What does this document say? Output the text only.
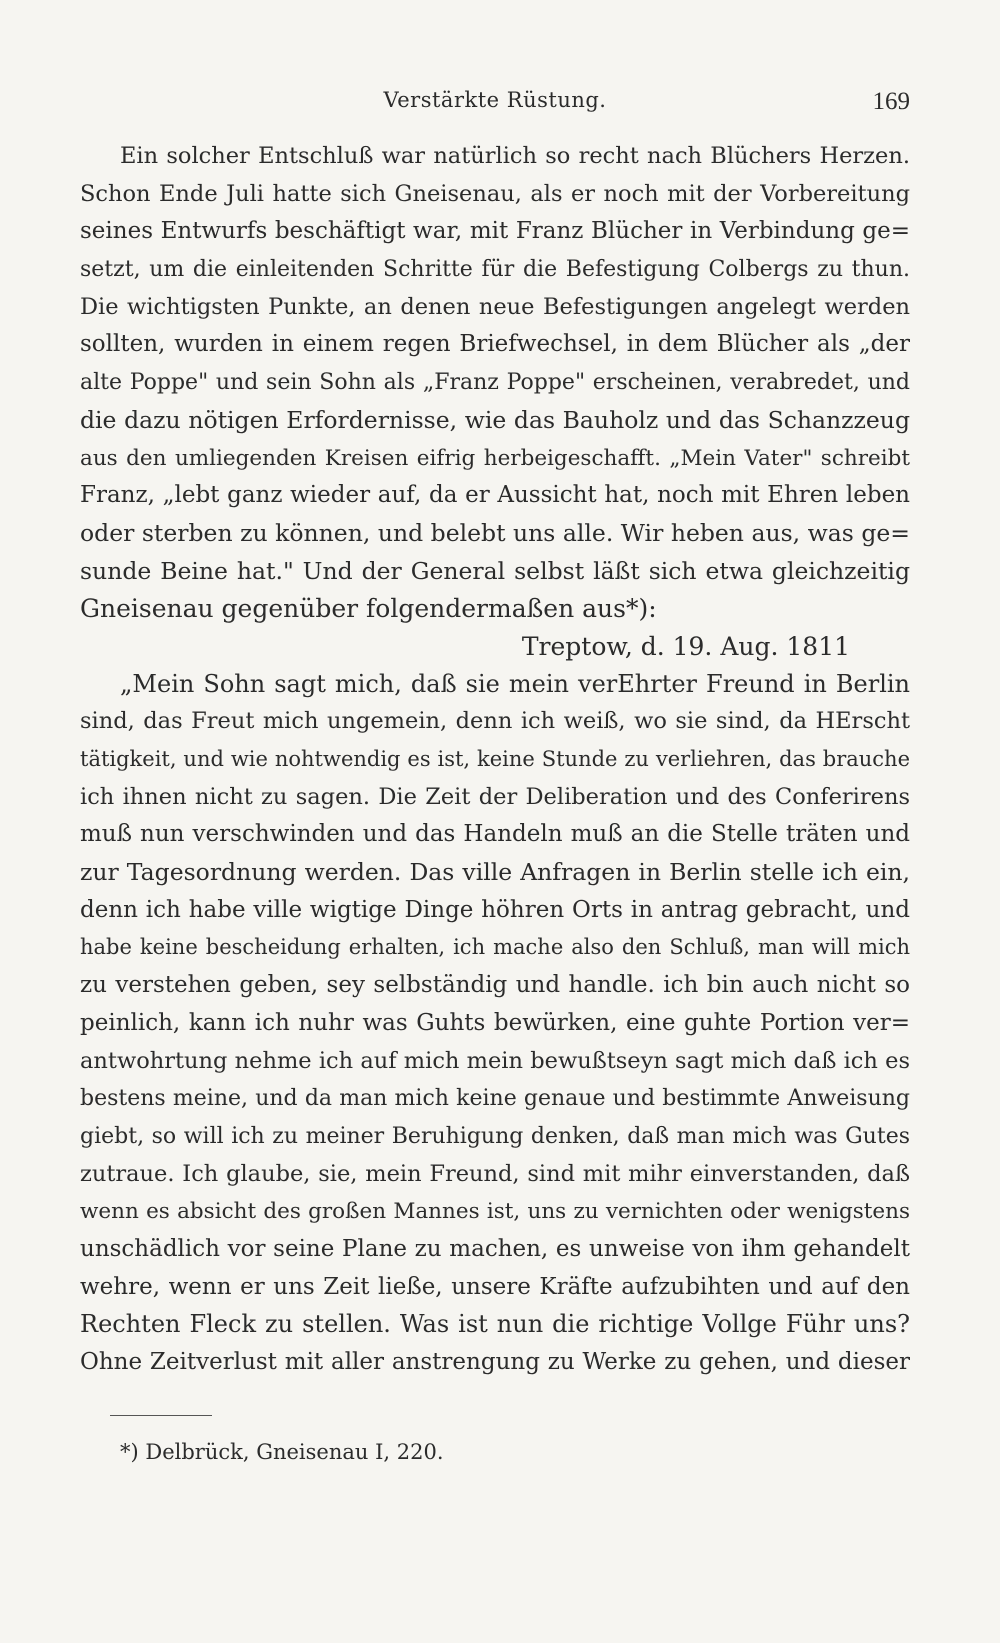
Verstärkte Rüstung.	169
Ein solcher Entschluß war natürlich so recht nach Blüchers Herzen.
Schon Ende Juli hatte sich Gneisenau, als er noch mit der Vorbereitung
seines Entwurfs beschäftigt war, mit Franz Blücher in Verbindung ge=
setzt, um die einleitenden Schritte für die Befestigung Colbergs zu thun.
Die wichtigsten Punkte, an denen neue Befestigungen angelegt werden
sollten, wurden in einem regen Briefwechsel, in dem Blücher als „der
alte Poppe" und sein Sohn als „Franz Poppe" erscheinen, verabredet, und
die dazu nötigen Erfordernisse, wie das Bauholz und das Schanzzeug
aus den umliegenden Kreisen eifrig herbeigeschafft. „Mein Vater" schreibt
Franz, „lebt ganz wieder auf, da er Aussicht hat, noch mit Ehren leben
oder sterben zu können, und belebt uns alle. Wir heben aus, was ge=
sunde Beine hat." Und der General selbst läßt sich etwa gleichzeitig
Gneisenau gegenüber folgendermaßen aus*):
Treptow, d. 19. Aug. 1811
„Mein Sohn sagt mich, daß sie mein verEhrter Freund in Berlin
sind, das Freut mich ungemein, denn ich weiß, wo sie sind, da HErscht
tätigkeit, und wie nohtwendig es ist, keine Stunde zu verliehren, das brauche
ich ihnen nicht zu sagen. Die Zeit der Deliberation und des Conferirens
muß nun verschwinden und das Handeln muß an die Stelle träten und
zur Tagesordnung werden. Das ville Anfragen in Berlin stelle ich ein,
denn ich habe ville wigtige Dinge höhren Orts in antrag gebracht, und
habe keine bescheidung erhalten, ich mache also den Schluß, man will mich
zu verstehen geben, sey selbständig und handle. ich bin auch nicht so
peinlich, kann ich nuhr was Guhts bewürken, eine guhte Portion ver=
antwohrtung nehme ich auf mich mein bewußtseyn sagt mich daß ich es
bestens meine, und da man mich keine genaue und bestimmte Anweisung
giebt, so will ich zu meiner Beruhigung denken, daß man mich was Gutes
zutraue. Ich glaube, sie, mein Freund, sind mit mihr einverstanden, daß
wenn es absicht des großen Mannes ist, uns zu vernichten oder wenigstens
unschädlich vor seine Plane zu machen, es unweise von ihm gehandelt
wehre, wenn er uns Zeit ließe, unsere Kräfte aufzubihten und auf den
Rechten Fleck zu stellen. Was ist nun die richtige Vollge Führ uns?
Ohne Zeitverlust mit aller anstrengung zu Werke zu gehen, und dieser
*) Delbrück, Gneisenau I, 220.
